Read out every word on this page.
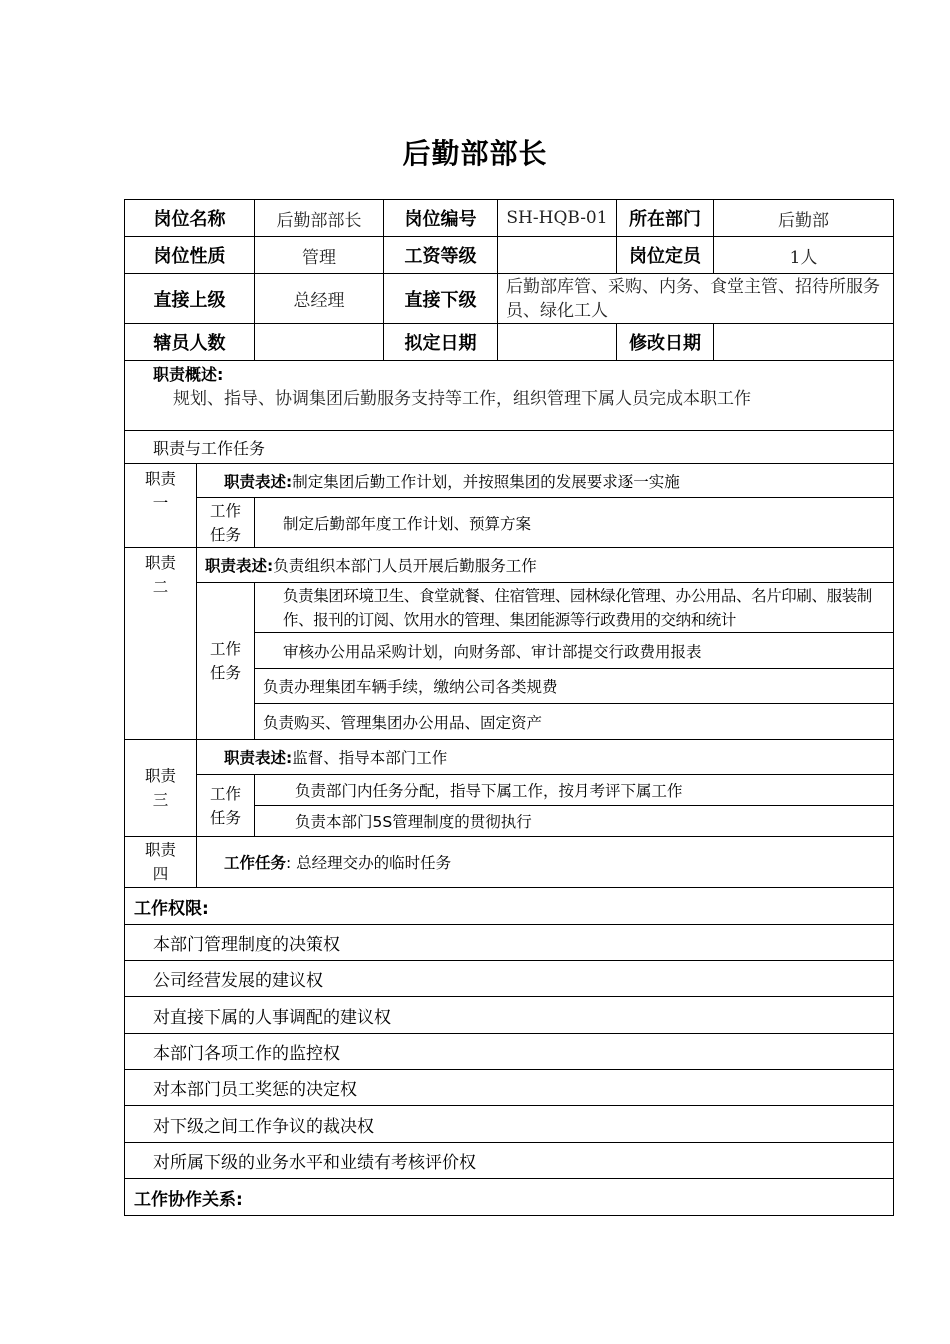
后勤部部长
岗位名称		后勤部部长	岗位编号	SH-HQB-01	所在部门	后勤部
岗位性质		管理	工资等级		岗位定员	1人
直接上级		总经理	直接下级	后勤部库管、采购、内务、食堂主管、招待所服务员、绿化工人		
辖员人数			拟定日期		修改日期	

职责概述:
规划、指导、协调集团后勤服务支持等工作，组织管理下属人员完成本职工作						

职责与工作任务						
职责
一	职责表述:制定集团后勤工作计划，并按照集团的发展要求逐一实施					
	工作
任务	制定后勤部年度工作计划、预算方案				
职责
二	职责表述:负责组织本部门人员开展后勤服务工作					
	工作
任务	负责集团环境卫生、食堂就餐、住宿管理、园林绿化管理、办公用品、名片印刷、服装制作、报刊的订阅、饮用水的管理、集团能源等行政费用的交纳和统计				
		审核办公用品采购计划，向财务部、审计部提交行政费用报表				
		负责办理集团车辆手续，缴纳公司各类规费				
		负责购买、管理集团办公用品、固定资产				
职责
三	职责表述:监督、指导本部门工作					
	工作
任务	负责部门内任务分配，指导下属工作，按月考评下属工作				
		负责本部门5S管理制度的贯彻执行				
职责
四	工作任务: 总经理交办的临时任务					
工作权限:						
本部门管理制度的决策权						
公司经营发展的建议权						
对直接下属的人事调配的建议权						
本部门各项工作的监控权						
对本部门员工奖惩的决定权						
对下级之间工作争议的裁决权						
对所属下级的业务水平和业绩有考核评价权						
工作协作关系:						
